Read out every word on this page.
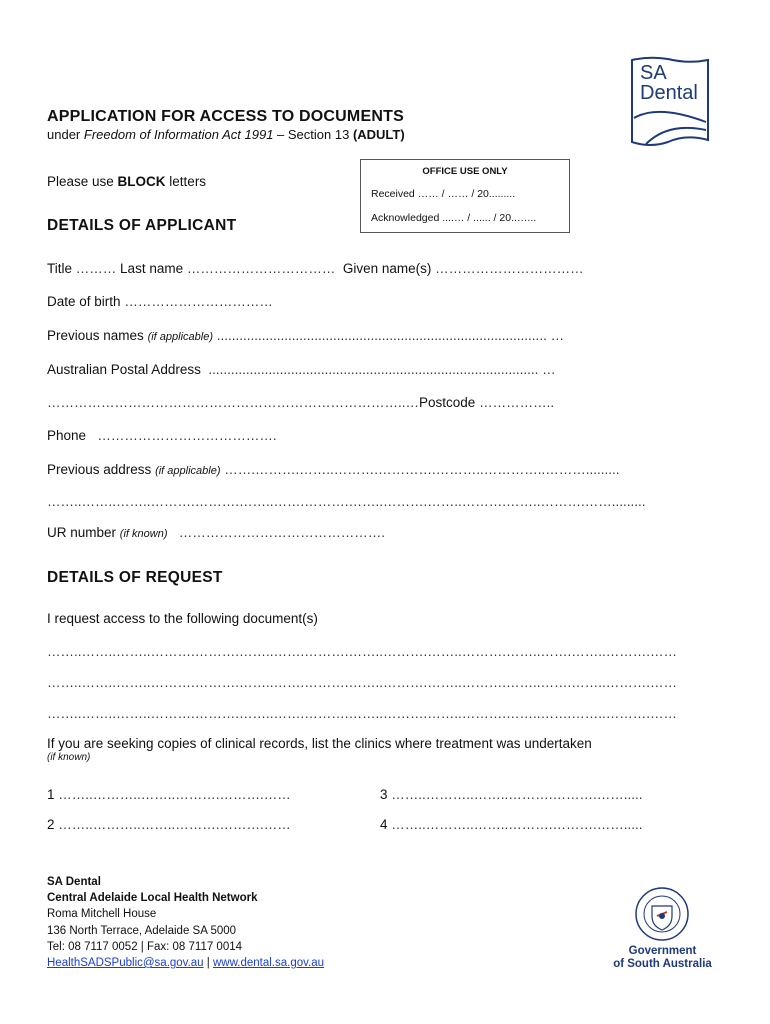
SA
Dental
APPLICATION FOR ACCESS TO DOCUMENTS
under Freedom of Information Act 1991 – Section 13 (ADULT)
OFFICE USE ONLY
Received …… / …… / 20.........
Acknowledged ....… / ...... / 20..…...
Please use BLOCK letters
DETAILS OF APPLICANT
Title ……… Last name …………………………… Given name(s) ……………………………
Date of birth ……………………………
Previous names (if applicable) ........................................................................................ …
Australian Postal Address ........................................................................................ …
……………………………………………………………………..…Postcode ……………..
Phone ………………………………….
Previous address (if applicable) …….……….……..……….………….………..…………..……….........
……..……..……..……….……….……..…….……….……..……….……..……….……..……….…….........
UR number (if known) ……………………………………….
DETAILS OF REQUEST
I request access to the following document(s)
……..……..……..……….……….……..…….……….……..……….……..……….……..…….……..……….……
……..……..……..……….……….……..…….……….……..……….……..……….……..…….……..……….……
……..……..……..……….……….……..…….……….……..……….……..……….……..…….……..……….……
If you are seeking copies of clinical records, list the clinics where treatment was undertaken
(if known)
1 ……..………..……..……….……….……	3 ……..………..……..……….……….…….....
2 ……..………..……..……….……….……	4 ……..………..……..……….……….…….....
SA Dental
Central Adelaide Local Health Network
Roma Mitchell House
136 North Terrace, Adelaide SA 5000
Tel: 08 7117 0052 | Fax: 08 7117 0014
HealthSADSPublic@sa.gov.au | www.dental.sa.gov.au
Government
of South Australia
